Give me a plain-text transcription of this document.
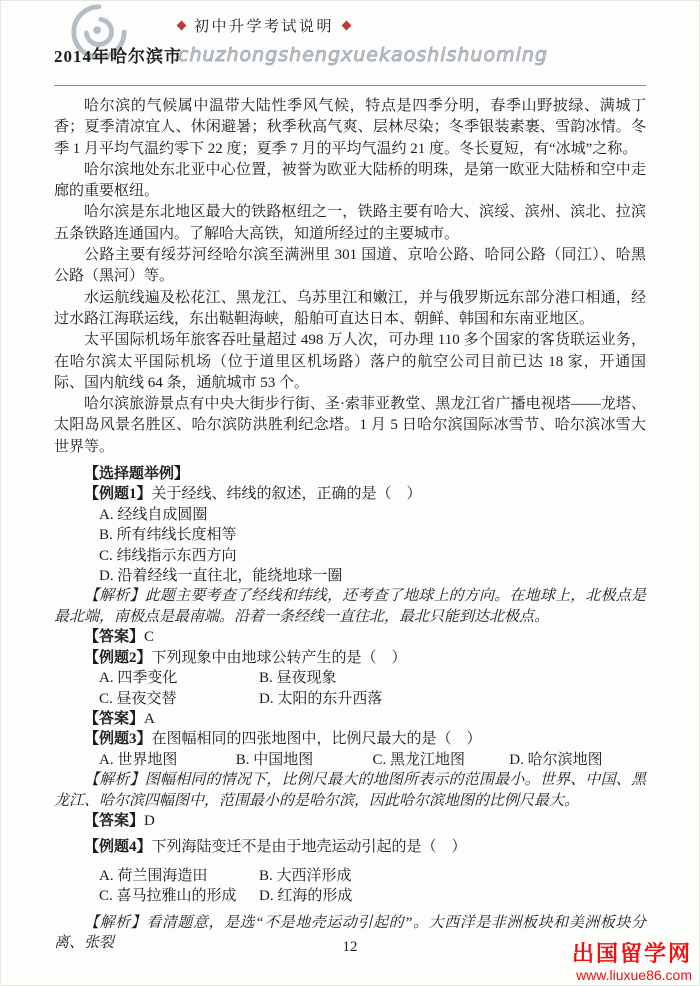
2014年哈尔滨市
初中升学考试说明
chuzhongshengxuekaoshishuoming

哈尔滨的气候属中温带大陆性季风气候，特点是四季分明，春季山野披绿、满城丁香；夏季清凉宜人、休闲避暑；秋季秋高气爽、层林尽染；冬季银装素裹、雪韵冰情。冬季 1 月平均气温约零下 22 度；夏季 7 月的平均气温约 21 度。冬长夏短，有“冰城”之称。

哈尔滨地处东北亚中心位置，被誉为欧亚大陆桥的明珠，是第一欧亚大陆桥和空中走廊的重要枢纽。

哈尔滨是东北地区最大的铁路枢纽之一，铁路主要有哈大、滨绥、滨州、滨北、拉滨五条铁路连通国内。了解哈大高铁，知道所经过的主要城市。

公路主要有绥芬河经哈尔滨至满洲里 301 国道、京哈公路、哈同公路（同江）、哈黑公路（黑河）等。

水运航线遍及松花江、黑龙江、乌苏里江和嫩江，并与俄罗斯远东部分港口相通，经过水路江海联运线，东出鞑靼海峡，船舶可直达日本、朝鲜、韩国和东南亚地区。

太平国际机场年旅客吞吐量超过 498 万人次，可办理 110 多个国家的客货联运业务，在哈尔滨太平国际机场（位于道里区机场路）落户的航空公司目前已达 18 家，开通国际、国内航线 64 条，通航城市 53 个。

哈尔滨旅游景点有中央大街步行街、圣·索菲亚教堂、黑龙江省广播电视塔——龙塔、太阳岛风景名胜区、哈尔滨防洪胜利纪念塔。1 月 5 日哈尔滨国际冰雪节、哈尔滨冰雪大世界等。

【选择题举例】

【例题1】关于经线、纬线的叙述，正确的是（　）

A. 经线自成圆圈
B. 所有纬线长度相等
C. 纬线指示东西方向
D. 沿着经线一直往北，能绕地球一圈

【解析】此题主要考查了经线和纬线，还考查了地球上的方向。在地球上，北极点是最北端，南极点是最南端。沿着一条经线一直往北，最北只能到达北极点。

【答案】C

【例题2】下列现象中由地球公转产生的是（　）

A. 四季变化	B. 昼夜现象
C. 昼夜交替	D. 太阳的东升西落

【答案】A

【例题3】在图幅相同的四张地图中，比例尺最大的是（　）

A. 世界地图	B. 中国地图	C. 黑龙江地图	D. 哈尔滨地图

【解析】图幅相同的情况下，比例尺最大的地图所表示的范围最小。世界、中国、黑龙江、哈尔滨四幅图中，范围最小的是哈尔滨，因此哈尔滨地图的比例尺最大。

【答案】D

【例题4】下列海陆变迁不是由于地壳运动引起的是（　）

A. 荷兰围海造田	B. 大西洋形成
C. 喜马拉雅山的形成	D. 红海的形成

【解析】看清题意，是选“不是地壳运动引起的”。大西洋是非洲板块和美洲板块分离、张裂	12	出国留学网
www.liuxue86.com
